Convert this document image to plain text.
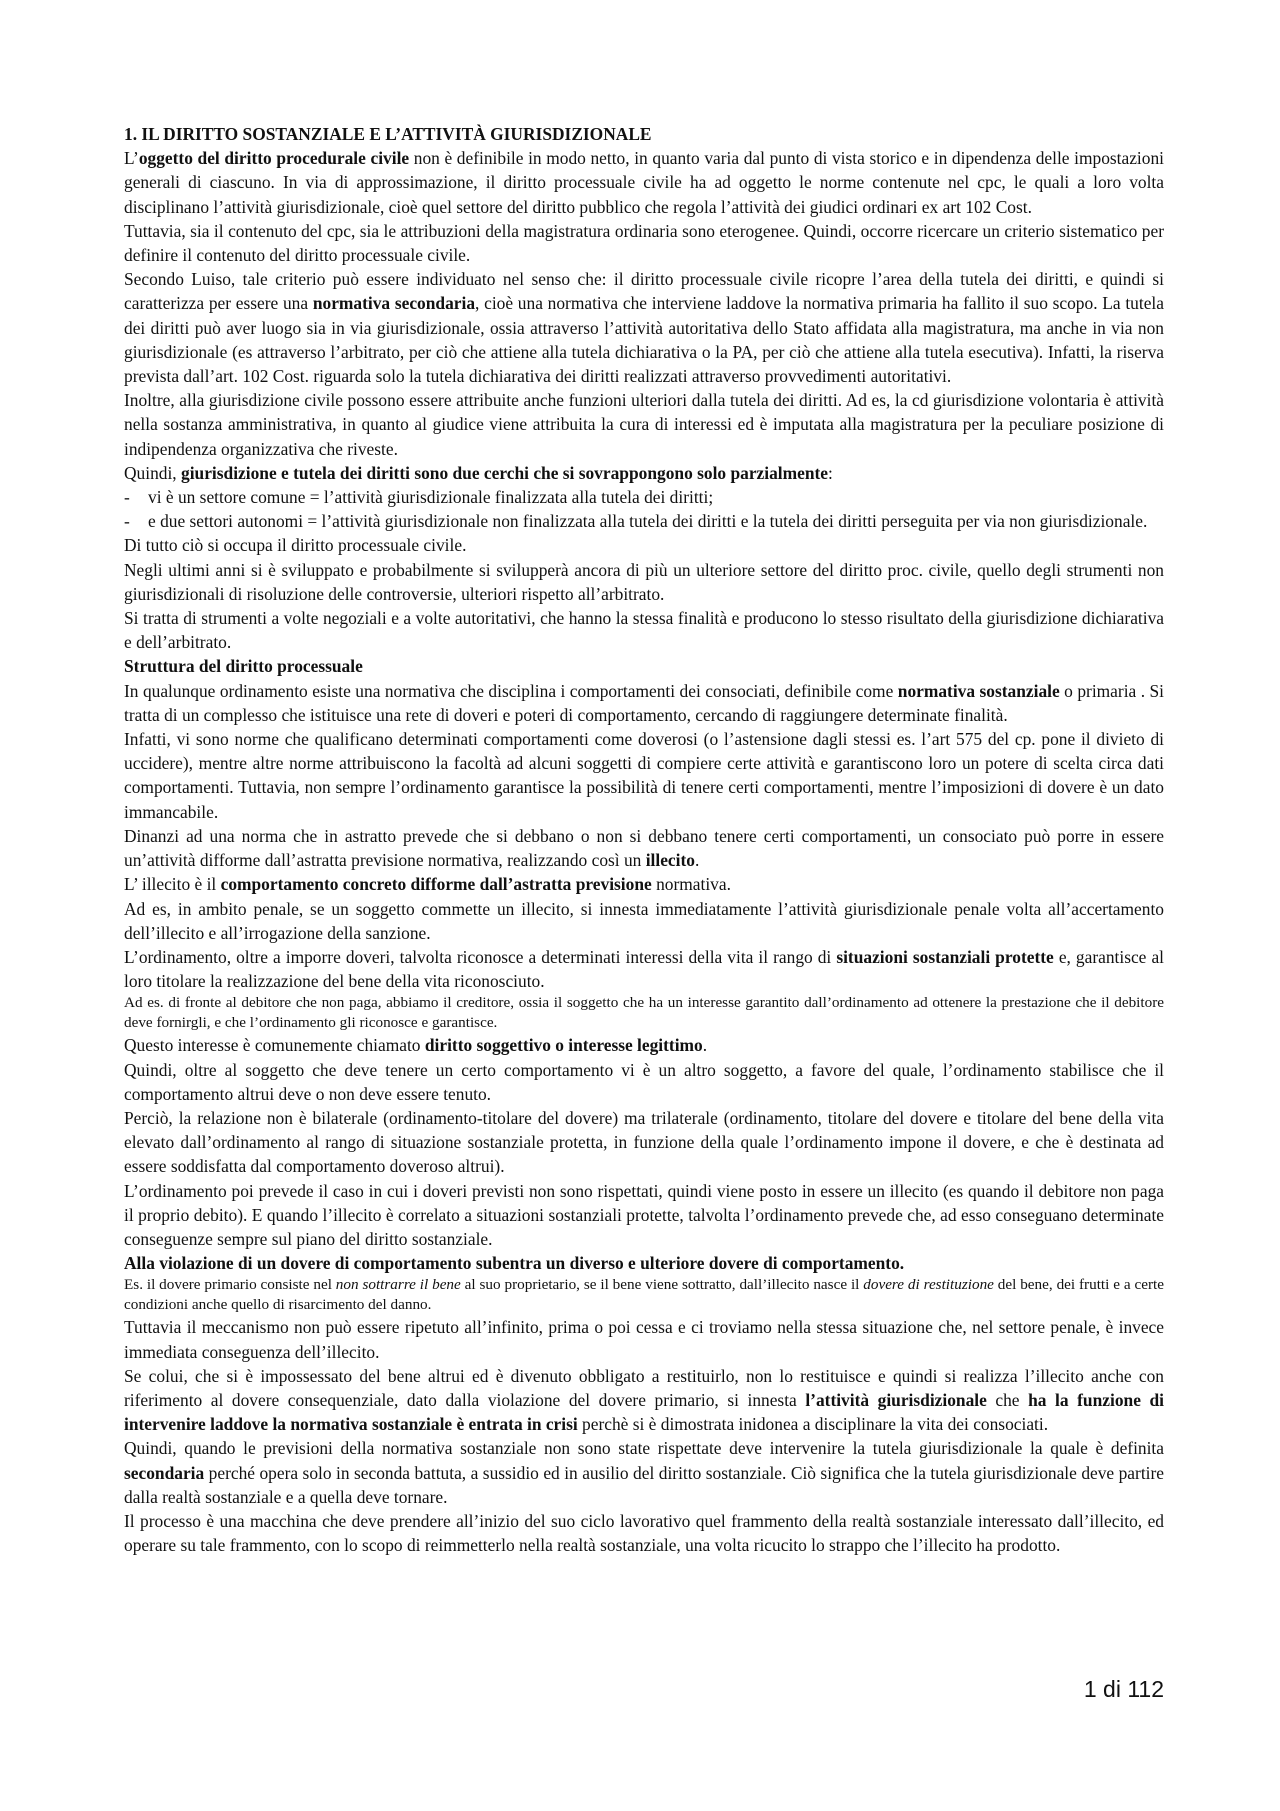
1. IL DIRITTO SOSTANZIALE E L’ATTIVITÀ GIURISDIZIONALE

L’oggetto del diritto procedurale civile non è definibile in modo netto, in quanto varia dal punto di vista storico e in dipendenza delle impostazioni generali di ciascuno. In via di approssimazione, il diritto processuale civile ha ad oggetto le norme contenute nel cpc, le quali a loro volta disciplinano l’attività giurisdizionale, cioè quel settore del diritto pubblico che regola l’attività dei giudici ordinari ex art 102 Cost.

Tuttavia, sia il contenuto del cpc, sia le attribuzioni della magistratura ordinaria sono eterogenee. Quindi, occorre ricercare un criterio sistematico per definire il contenuto del diritto processuale civile.

Secondo Luiso, tale criterio può essere individuato nel senso che: il diritto processuale civile ricopre l’area della tutela dei diritti, e quindi si caratterizza per essere una normativa secondaria, cioè una normativa che interviene laddove la normativa primaria ha fallito il suo scopo. La tutela dei diritti può aver luogo sia in via giurisdizionale, ossia attraverso l’attività autoritativa dello Stato affidata alla magistratura, ma anche in via non giurisdizionale (es attraverso l’arbitrato, per ciò che attiene alla tutela dichiarativa o la PA, per ciò che attiene alla tutela esecutiva). Infatti, la riserva prevista dall’art. 102 Cost. riguarda solo la tutela dichiarativa dei diritti realizzati attraverso provvedimenti autoritativi.

Inoltre, alla giurisdizione civile possono essere attribuite anche funzioni ulteriori dalla tutela dei diritti. Ad es, la cd giurisdizione volontaria è attività nella sostanza amministrativa, in quanto al giudice viene attribuita la cura di interessi ed è imputata alla magistratura per la peculiare posizione di indipendenza organizzativa che riveste.

Quindi, giurisdizione e tutela dei diritti sono due cerchi che si sovrappongono solo parzialmente:

- vi è un settore comune = l’attività giurisdizionale finalizzata alla tutela dei diritti;
- e due settori autonomi = l’attività giurisdizionale non finalizzata alla tutela dei diritti e la tutela dei diritti perseguita per via non giurisdizionale.

Di tutto ciò si occupa il diritto processuale civile.

Negli ultimi anni si è sviluppato e probabilmente si svilupperà ancora di più un ulteriore settore del diritto proc. civile, quello degli strumenti non giurisdizionali di risoluzione delle controversie, ulteriori rispetto all’arbitrato.

Si tratta di strumenti a volte negoziali e a volte autoritativi, che hanno la stessa finalità e producono lo stesso risultato della giurisdizione dichiarativa e dell’arbitrato.

Struttura del diritto processuale

In qualunque ordinamento esiste una normativa che disciplina i comportamenti dei consociati, definibile come normativa sostanziale o primaria . Si tratta di un complesso che istituisce una rete di doveri e poteri di comportamento, cercando di raggiungere determinate finalità.

Infatti, vi sono norme che qualificano determinati comportamenti come doverosi (o l’astensione dagli stessi es. l’art 575 del cp. pone il divieto di uccidere), mentre altre norme attribuiscono la facoltà ad alcuni soggetti di compiere certe attività e garantiscono loro un potere di scelta circa dati comportamenti. Tuttavia, non sempre l’ordinamento garantisce la possibilità di tenere certi comportamenti, mentre l’imposizioni di dovere è un dato immancabile.

Dinanzi ad una norma che in astratto prevede che si debbano o non si debbano tenere certi comportamenti, un consociato può porre in essere un’attività difforme dall’astratta previsione normativa, realizzando così un illecito.

L’ illecito è il comportamento concreto difforme dall’astratta previsione normativa.

Ad es, in ambito penale, se un soggetto commette un illecito, si innesta immediatamente l’attività giurisdizionale penale volta all’accertamento dell’illecito e all’irrogazione della sanzione.

L’ordinamento, oltre a imporre doveri, talvolta riconosce a determinati interessi della vita il rango di situazioni sostanziali protette e, garantisce al loro titolare la realizzazione del bene della vita riconosciuto.

Ad es. di fronte al debitore che non paga, abbiamo il creditore, ossia il soggetto che ha un interesse garantito dall’ordinamento ad ottenere la prestazione che il debitore deve fornirgli, e che l’ordinamento gli riconosce e garantisce.

Questo interesse è comunemente chiamato diritto soggettivo o interesse legittimo.

Quindi, oltre al soggetto che deve tenere un certo comportamento vi è un altro soggetto, a favore del quale, l’ordinamento stabilisce che il comportamento altrui deve o non deve essere tenuto.

Perciò, la relazione non è bilaterale (ordinamento-titolare del dovere) ma trilaterale (ordinamento, titolare del dovere e titolare del bene della vita elevato dall’ordinamento al rango di situazione sostanziale protetta, in funzione della quale l’ordinamento impone il dovere, e che è destinata ad essere soddisfatta dal comportamento doveroso altrui).

L’ordinamento poi prevede il caso in cui i doveri previsti non sono rispettati, quindi viene posto in essere un illecito (es quando il debitore non paga il proprio debito). E quando l’illecito è correlato a situazioni sostanziali protette, talvolta l’ordinamento prevede che, ad esso conseguano determinate conseguenze sempre sul piano del diritto sostanziale.

Alla violazione di un dovere di comportamento subentra un diverso e ulteriore dovere di comportamento.

Es. il dovere primario consiste nel non sottrarre il bene al suo proprietario, se il bene viene sottratto, dall’illecito nasce il dovere di restituzione del bene, dei frutti e a certe condizioni anche quello di risarcimento del danno.

Tuttavia il meccanismo non può essere ripetuto all’infinito, prima o poi cessa e ci troviamo nella stessa situazione che, nel settore penale, è invece immediata conseguenza dell’illecito.

Se colui, che si è impossessato del bene altrui ed è divenuto obbligato a restituirlo, non lo restituisce e quindi si realizza l’illecito anche con riferimento al dovere consequenziale, dato dalla violazione del dovere primario, si innesta l’attività giurisdizionale che ha la funzione di intervenire laddove la normativa sostanziale è entrata in crisi perchè si è dimostrata inidonea a disciplinare la vita dei consociati.

Quindi, quando le previsioni della normativa sostanziale non sono state rispettate deve intervenire la tutela giurisdizionale la quale è definita secondaria perché opera solo in seconda battuta, a sussidio ed in ausilio del diritto sostanziale. Ciò significa che la tutela giurisdizionale deve partire dalla realtà sostanziale e a quella deve tornare.

Il processo è una macchina che deve prendere all’inizio del suo ciclo lavorativo quel frammento della realtà sostanziale interessato dall’illecito, ed operare su tale frammento, con lo scopo di reimmetterlo nella realtà sostanziale, una volta ricucito lo strappo che l’illecito ha prodotto.

1 di 112
